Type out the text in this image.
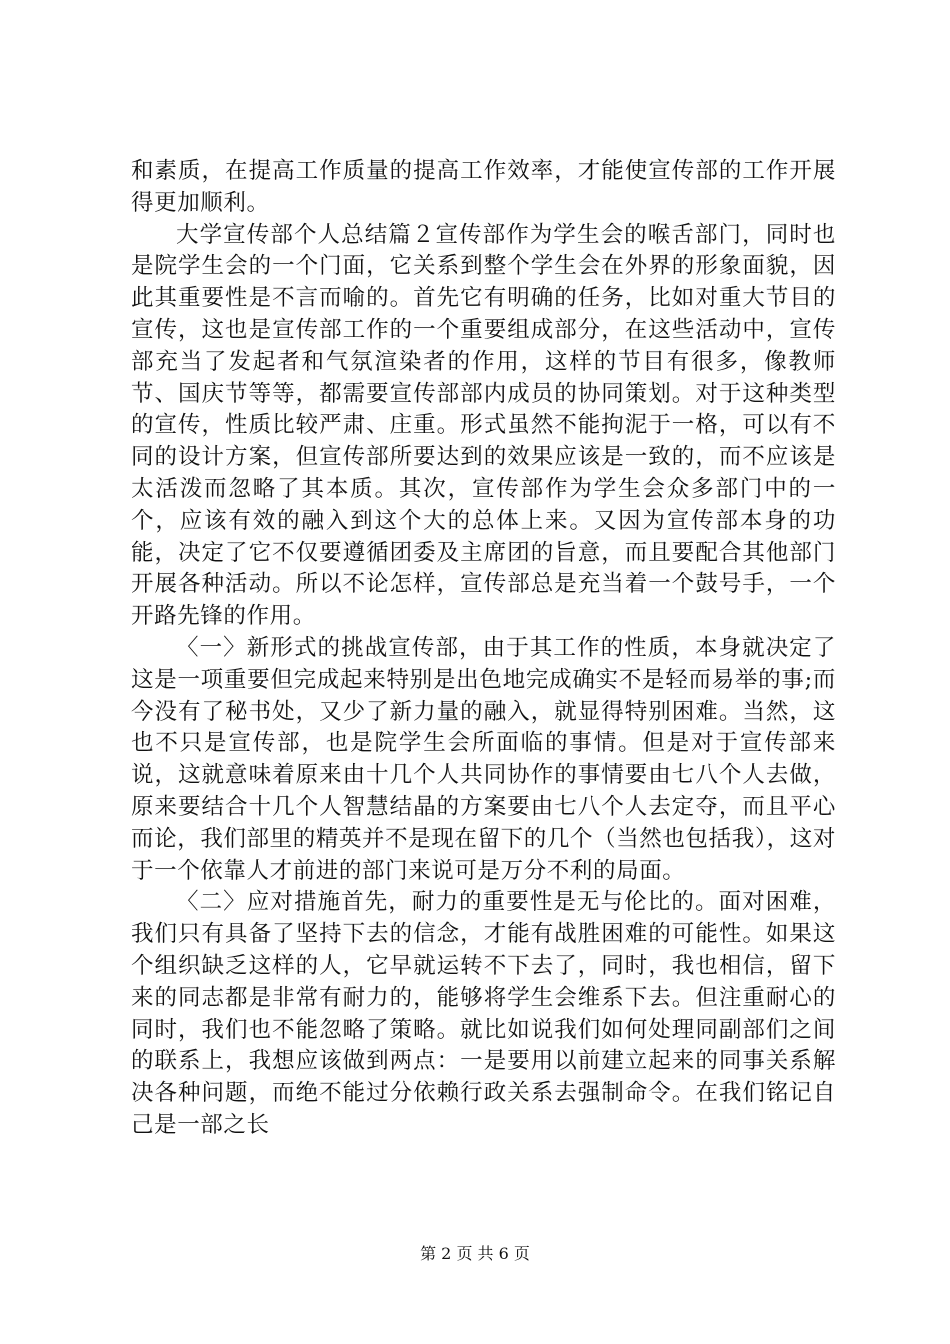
和素质，在提高工作质量的提高工作效率，才能使宣传部的工作开展得更加顺利。

大学宣传部个人总结篇２宣传部作为学生会的喉舌部门，同时也是院学生会的一个门面，它关系到整个学生会在外界的形象面貌，因此其重要性是不言而喻的。首先它有明确的任务，比如对重大节目的宣传，这也是宣传部工作的一个重要组成部分，在这些活动中，宣传部充当了发起者和气氛渲染者的作用，这样的节目有很多，像教师节、国庆节等等，都需要宣传部部内成员的协同策划。对于这种类型的宣传，性质比较严肃、庄重。形式虽然不能拘泥于一格，可以有不同的设计方案，但宣传部所要达到的效果应该是一致的，而不应该是太活泼而忽略了其本质。其次，宣传部作为学生会众多部门中的一个，应该有效的融入到这个大的总体上来。又因为宣传部本身的功能，决定了它不仅要遵循团委及主席团的旨意，而且要配合其他部门开展各种活动。所以不论怎样，宣传部总是充当着一个鼓号手，一个开路先锋的作用。

〈一〉新形式的挑战宣传部，由于其工作的性质，本身就决定了这是一项重要但完成起来特别是出色地完成确实不是轻而易举的事;而今没有了秘书处，又少了新力量的融入，就显得特别困难。当然，这也不只是宣传部，也是院学生会所面临的事情。但是对于宣传部来说，这就意味着原来由十几个人共同协作的事情要由七八个人去做，原来要结合十几个人智慧结晶的方案要由七八个人去定夺，而且平心而论，我们部里的精英并不是现在留下的几个（当然也包括我），这对于一个依靠人才前进的部门来说可是万分不利的局面。

〈二〉应对措施首先，耐力的重要性是无与伦比的。面对困难，我们只有具备了坚持下去的信念，才能有战胜困难的可能性。如果这个组织缺乏这样的人，它早就运转不下去了，同时，我也相信，留下来的同志都是非常有耐力的，能够将学生会维系下去。但注重耐心的同时，我们也不能忽略了策略。就比如说我们如何处理同副部们之间的联系上，我想应该做到两点：一是要用以前建立起来的同事关系解决各种问题，而绝不能过分依赖行政关系去强制命令。在我们铭记自己是一部之长

第 2 页 共 6 页
